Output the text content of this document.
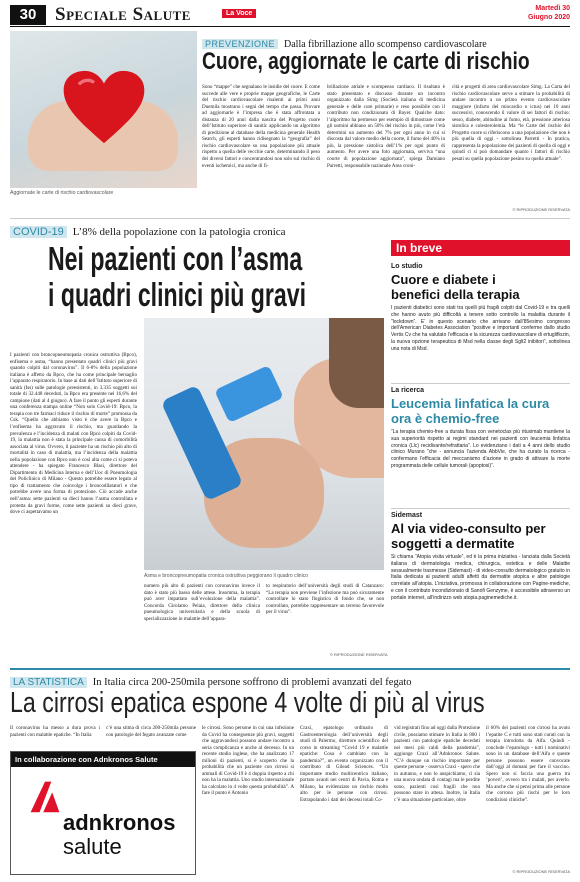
30 Speciale Salute	La Voce
Martedì 30
Giugno 2020
Aggiornate le carte di rischio cardiovascolare
PREVENZIONE Dalla fibrillazione allo scompenso cardiovascolare
Cuore, aggiornate le carte di rischio
Sono “mappe” che segnalano le insidie del cuore. E come succede alle vere e proprie mappe geografiche, le Carte del rischio cardiovascolare risalenti ai primi anni Duemila mostrano i segni del tempo che passa. Provare ad aggiornarle è l’impresa che è stata affrontata a distanza di 20 anni dalla nascita del Progetto cuore dell’Istituto superiore di sanità: applicando un algoritmo di predizione al database della medicina generale Health Search, gli esperti hanno ridisegnato la “geografia” del rischio cardiovascolare su una popolazione più attuale rispetto a quella delle vecchie carte, determinando il peso dei diversi fattori e concentrandosi non solo sul rischio di eventi ischemici, ma anche di fi-
brillazione atriale e scompenso cardiaco. Il risultato è stato presentato e discusso durante un incontro organizzato dalla Simg (Società italiana di medicina generale e delle cure primarie) e reso possibile con il contributo non condizionato di Bayer. Qualche dato: l’algoritmo ha permesso per esempio di dimostrare come gli uomini abbiano un 50% del rischio in più, come l’età determini un aumento del 7% per ogni anno in cui si discosta dal valore medio della coorte, il fumo del 40% in più, la pressione sistolica dell’1% per ogni punto di aumento. Per avere una foto aggiornata, serviva “una coorte di popolazione aggiornata”, spiega Damiano Parretti, responsabile nazionale Area croni-
cità e progetti di area cardiovascolare Simg. La Carta del rischio cardiovascolare serve a stimare la probabilità di andare incontro a un primo evento cardiovascolare maggiore (infarto del miocardio o ictus) nei 10 anni successivi, conoscendo il valore di sei fattori di rischio: sesso, diabete, abitudine al fumo, età, pressione arteriosa sistolica e colesterolemia. Ma “le Carte del rischio del Progetto cuore si riferiscono a una popolazione che non è più quella di oggi - sottolinea Parretti - In pratica, rappresenta la popolazione dei pazienti di quella di oggi e quindi ci si può domandare quanto i fattori di rischio pesati su quella popolazione pesino su quella attuale”.
© RIPRODUZIONE RISERVATA
COVID-19 L’8% della popolazione con la patologia cronica
Nei pazienti con l’asma
i quadri clinici più gravi
I pazienti con broncopneumopatia cronica ostruttiva (Bpco), enfisema e asma, “hanno presentato quadri clinici più gravi quando colpiti dal coronavirus”. Il 6-8% della popolazione italiana è affetto da Bpco, che ha come principale bersaglio l’apparato respiratorio. In base ai dati dell’Istituto superiore di sanità (Iss) sulle patologie preesistenti, in 3.335 soggetti sui totale di 32.448 deceduti, la Bpco era presente nel 16,6% del campione (dati al 4 giugno). A fare il punto gli esperti durante una conferenza stampa online “Non solo Covid-19: Bpco, la terapia con tre farmaci riduce il rischio di morte” promossa da Csk. “Quello che abbiamo visto è che avere la Bpco e l’enfisema ha aggravato il rischio, ma guardando la prevalenza e l’incidenza di malati con Bpco colpiti da Covid-19, la malattia non è stata la principale causa di comorbilità associata al virus. Ovvero, il paziente ha un rischio più alto di mortalità in caso di malattia, ma l’incidenza della malattia nella popolazione con Bpco non è così alta come ci si poteva attendere - ha spiegato Francesco Blasi, direttore del Dipartimento di Medicina Interna e dell’Uoc di Pneumologia del Policlinico di Milano - Questo potrebbe essere legato al tipo di trattamento che coinvolge i broncodilatatori e che potrebbe avere una forma di protezione. Ciò accade anche nell’asma: sette pazienti su dieci hanno l’asma controllata e protetta da gravi forme, come sette pazienti su dieci grave, dove ci aspettavamo un
Asma e broncopneumopatia cronica ostruttiva peggiorano il quadro clinico
numero più alto di pazienti con coronavirus invece il dato è stato più basso delle attese. Insomma, la terapia può aver impattato sull’evoluzione della malattia”. Concorda Girolamo Pelaia, direttore della clinica pneumologica universitaria e della scuola di specializzazione in malattie dell’appara-
to respiratorio dell’università degli studi di Catanzaro: “La terapia non previene l’infezione ma può sicuramente controllare lo stato flogistico di fondo che, se non controllato, potrebbe rappresentare un terreno favorevole per il virus”.
© RIPRODUZIONE RISERVATA
In breve
Lo studio
Cuore e diabete i benefici della terapia
I pazienti diabetici sono stati tra quelli più fragili colpiti dal Covid-19 e tra quelli che hanno avuto più difficoltà a tenere sotto controllo la malattia durante il “lockdown”. E’ in questo scenario che arrivano dall’85esimo congresso dell’American Diabetes Association “positive e importanti conferme dallo studio Vertis Cv che ha valutato l’efficacia e la sicurezza cardiovascolare di ertugliflozin, la nuova opzione terapeutica di Msd nella classe degli Sglt2 inibitori”, sottolinea una nota di Msd.
La ricerca
Leucemia linfatica la cura ora è chemio-free
“La terapia chemio-free a durata fissa con venetoclax più rituximab mantiene la sua superiorità rispetto ai regimi standard nei pazienti con leucemia linfatica cronica (Llc) recidivante/refrattaria”. Lo evidenziano i dati a 4 anni dello studio clinico Murano “che - annuncia l’azienda AbbVie, che ha curato la ricerca - confermano l’efficacia del meccanismo d’azione in grado di attivare la morte programmata delle cellule tumorali (apoptosi)”.
Sidemast
Al via video-consulto per soggetti a dermatite
Si chiama “Atopia visita virtuale”, ed è la prima iniziativa - lanciata dalla Società italiana di dermatologia medica, chirurgica, estetica e delle Malattie sessualmente trasmesse (Sidemast) - di video-consulto dermatologico gratuito in Italia dedicata ai pazienti adulti affetti da dermatite atopica e altre patologie correlate all’atopia. L’iniziativa, promossa in collaborazione con Pagine-mediche, e con il contributo incondizionato di Sanofi Genzyme, è accessibile attraverso un portale internet, all’indirizzo web atopia.paginemediche.it.
LA STATISTICA In Italia circa 200-250mila persone soffrono di problemi avanzati del fegato
La cirrosi epatica espone 4 volte di più al virus
Il coronavirus ha messo a dura prova i pazienti con malattie epatiche. “In Italia
c’è una stima di circa 200-250mila persone con patologie del fegato avanzate come
In collaborazione con Adnkronos Salute
adnkronos
salute
le cirrosi. Sono persone in cui una infezione da Covid ha conseguenze più gravi, soggetti che aggravandosi possono andare incontro a seria complicanza e anche al decesso. In un recente studio inglese, che ha analizzato 17 milioni di pazienti, si è scoperto che la probabilità che un paziente con cirrosi si ammali di Covid-19 è 4 doppia rispetto a chi non ha la malattia. Uno studio internazionale ha calcolato in 4 volte questa probabilità”. A fare il punto è Antonio
Craxì, epatologo ordinario di Gastroenterologia dell’università degli studi di Palermo, direttore scientifico del corso in streaming “Covid 19 e malattie epatiche: Cosa è cambiato con la pandemia?”, un evento organizzato con il contributo di Gilead Sciences. “Un importante studio multicentrico italiano, portato avanti nei centri di Pavia, Roma e Milano, ha evidenziato un rischio molto alto per le persone con cirrosi. Estrapolando i dati dei decessi totali Co-
vid registrati fino ad oggi dalla Protezione civile, possiamo stimare in Italia in 800 i pazienti con patologie epatiche deceduti nei mesi più caldi della pandemia”, aggiunge Craxì all’Adnkronos Salute. “C’è dunque un rischio importante per queste persone - osserva Craxì - spero che in autunno, e non lo auspichiamo, ci sia una nuova ondata di contagi ma le perdite sono, pazienti così fragili che non possono stare in attesa. Inoltre, in Italia c’è una situazione particolare, oltre
il 60% dei pazienti con cirrosi ha avuto l’epatite C e tutti sono stati curati con la terapia introdotta da Aifa. Quindi - conclude l’epatologo - tutti i nominativi sono in un database dell’Aifa e queste persone possono essere convocate dall’oggi al domani per fare il vaccino. Spero non si faccia una guerra tra ‘poveri’, ovvero tra i malati, per averlo. Ma anche che si pensi prima alle persone che corrono più rischi per le loro condizioni cliniche”.
© RIPRODUZIONE RISERVATA
